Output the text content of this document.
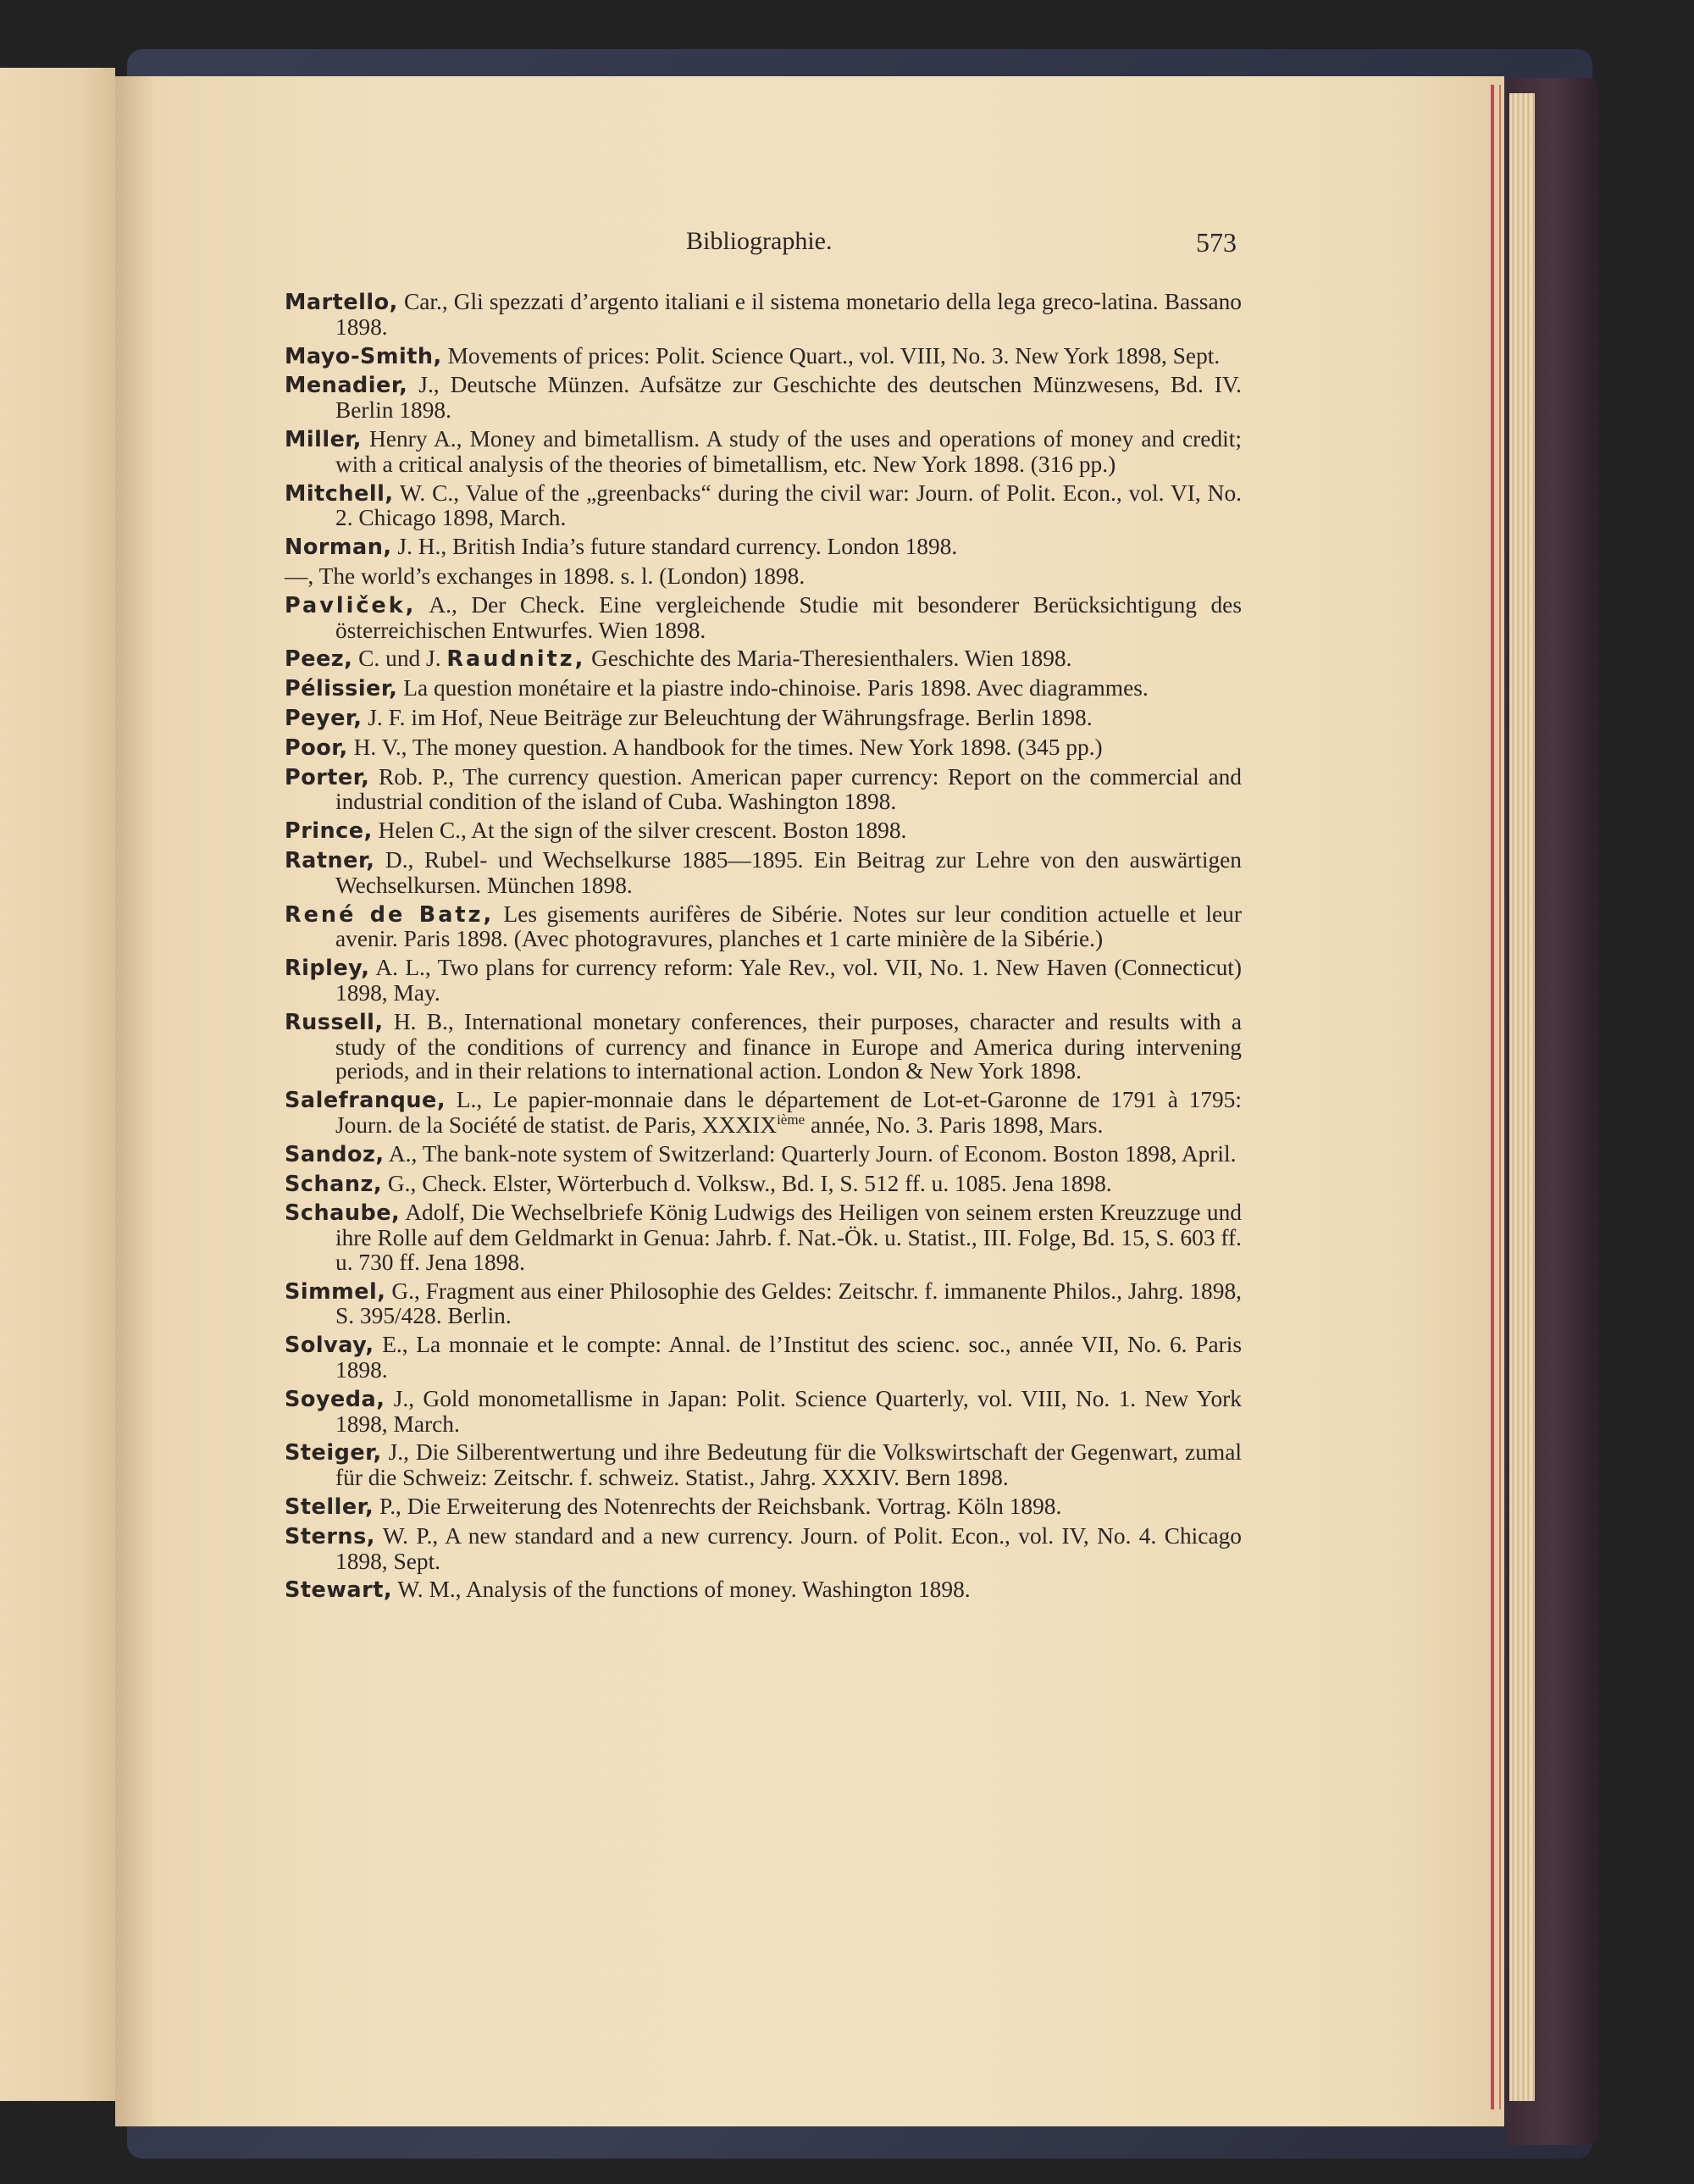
Bibliographie.	573

Martello, Car., Gli spezzati d’argento italiani e il sistema monetario della lega greco-latina. Bassano 1898.

Mayo-Smith, Movements of prices: Polit. Science Quart., vol. VIII, No. 3. New York 1898, Sept.

Menadier, J., Deutsche Münzen. Aufsätze zur Geschichte des deutschen Münzwesens, Bd. IV. Berlin 1898.

Miller, Henry A., Money and bimetallism. A study of the uses and operations of money and credit; with a critical analysis of the theories of bimetallism, etc. New York 1898. (316 pp.)

Mitchell, W. C., Value of the „greenbacks“ during the civil war: Journ. of Polit. Econ., vol. VI, No. 2. Chicago 1898, March.

Norman, J. H., British India’s future standard currency. London 1898.

—, The world’s exchanges in 1898. s. l. (London) 1898.

Pavliček, A., Der Check. Eine vergleichende Studie mit besonderer Berücksichtigung des österreichischen Entwurfes. Wien 1898.

Peez, C. und J. Raudnitz, Geschichte des Maria-Theresienthalers. Wien 1898.

Pélissier, La question monétaire et la piastre indo-chinoise. Paris 1898. Avec diagrammes.

Peyer, J. F. im Hof, Neue Beiträge zur Beleuchtung der Währungsfrage. Berlin 1898.

Poor, H. V., The money question. A handbook for the times. New York 1898. (345 pp.)

Porter, Rob. P., The currency question. American paper currency: Report on the commercial and industrial condition of the island of Cuba. Washington 1898.

Prince, Helen C., At the sign of the silver crescent. Boston 1898.

Ratner, D., Rubel- und Wechselkurse 1885—1895. Ein Beitrag zur Lehre von den auswärtigen Wechselkursen. München 1898.

René de Batz, Les gisements aurifères de Sibérie. Notes sur leur condition actuelle et leur avenir. Paris 1898. (Avec photogravures, planches et 1 carte minière de la Sibérie.)

Ripley, A. L., Two plans for currency reform: Yale Rev., vol. VII, No. 1. New Haven (Connecticut) 1898, May.

Russell, H. B., International monetary conferences, their purposes, character and results with a study of the conditions of currency and finance in Europe and America during intervening periods, and in their relations to international action. London & New York 1898.

Salefranque, L., Le papier-monnaie dans le département de Lot-et-Garonne de 1791 à 1795: Journ. de la Société de statist. de Paris, XXXIXième année, No. 3. Paris 1898, Mars.

Sandoz, A., The bank-note system of Switzerland: Quarterly Journ. of Econom. Boston 1898, April.

Schanz, G., Check. Elster, Wörterbuch d. Volksw., Bd. I, S. 512 ff. u. 1085. Jena 1898.

Schaube, Adolf, Die Wechselbriefe König Ludwigs des Heiligen von seinem ersten Kreuzzuge und ihre Rolle auf dem Geldmarkt in Genua: Jahrb. f. Nat.-Ök. u. Statist., III. Folge, Bd. 15, S. 603 ff. u. 730 ff. Jena 1898.

Simmel, G., Fragment aus einer Philosophie des Geldes: Zeitschr. f. immanente Philos., Jahrg. 1898, S. 395/428. Berlin.

Solvay, E., La monnaie et le compte: Annal. de l’Institut des scienc. soc., année VII, No. 6. Paris 1898.

Soyeda, J., Gold monometallisme in Japan: Polit. Science Quarterly, vol. VIII, No. 1. New York 1898, March.

Steiger, J., Die Silberentwertung und ihre Bedeutung für die Volkswirtschaft der Gegenwart, zumal für die Schweiz: Zeitschr. f. schweiz. Statist., Jahrg. XXXIV. Bern 1898.

Steller, P., Die Erweiterung des Notenrechts der Reichsbank. Vortrag. Köln 1898.

Sterns, W. P., A new standard and a new currency. Journ. of Polit. Econ., vol. IV, No. 4. Chicago 1898, Sept.

Stewart, W. M., Analysis of the functions of money. Washington 1898.
